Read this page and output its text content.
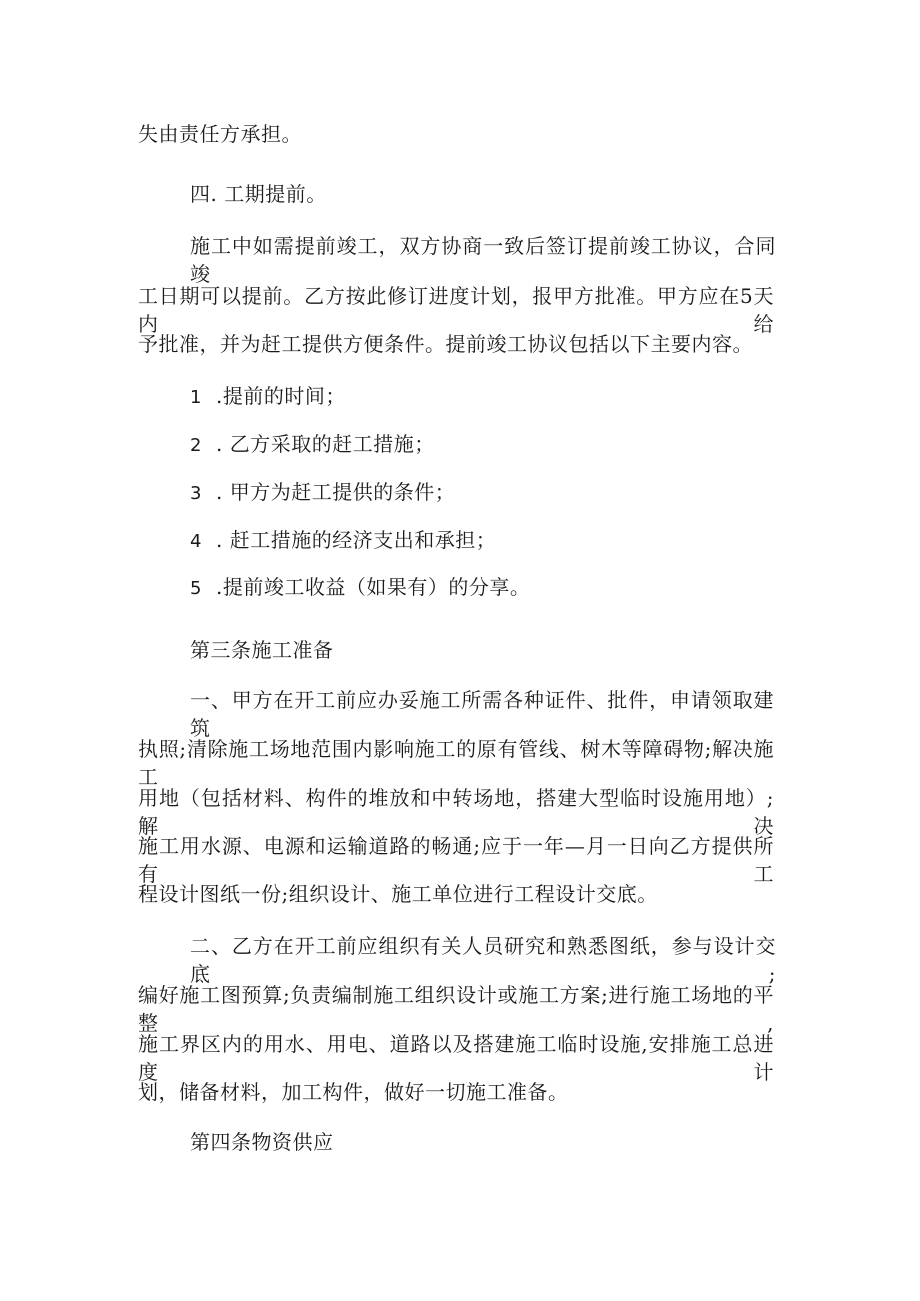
失由责任方承担。

四. 工期提前。

施工中如需提前竣工，双方协商一致后签订提前竣工协议，合同竣

工日期可以提前。乙方按此修订进度计划，报甲方批准。甲方应在5天内给

予批准，并为赶工提供方便条件。提前竣工协议包括以下主要内容。

1 .提前的时间；

2 . 乙方采取的赶工措施；

3 . 甲方为赶工提供的条件；

4 . 赶工措施的经济支出和承担；

5 .提前竣工收益（如果有）的分享。

第三条施工准备

一、甲方在开工前应办妥施工所需各种证件、批件，申请领取建筑

执照;清除施工场地范围内影响施工的原有管线、树木等障碍物;解决施工

用地（包括材料、构件的堆放和中转场地，搭建大型临时设施用地）;解决

施工用水源、电源和运输道路的畅通;应于一年—月一日向乙方提供所有工

程设计图纸一份;组织设计、施工单位进行工程设计交底。

二、乙方在开工前应组织有关人员研究和熟悉图纸，参与设计交底;

编好施工图预算;负责编制施工组织设计或施工方案;进行施工场地的平整,

施工界区内的用水、用电、道路以及搭建施工临时设施,安排施工总进度计

划，储备材料，加工构件，做好一切施工准备。

第四条物资供应
